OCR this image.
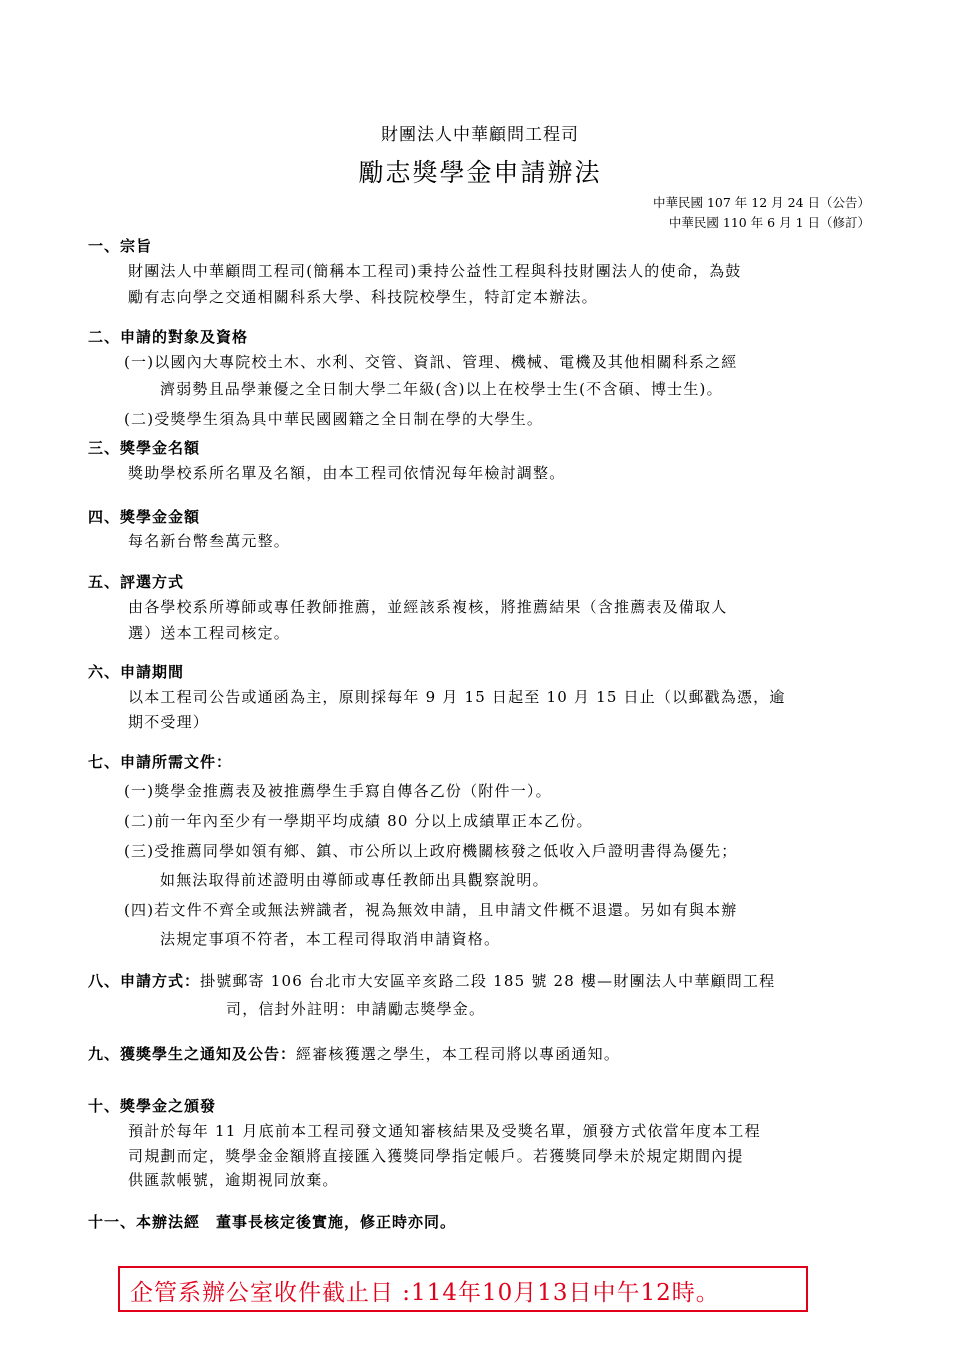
財團法人中華顧問工程司
勵志獎學金申請辦法
中華民國 107 年 12 月 24 日（公告）
中華民國 110 年 6 月 1 日（修訂）
一、宗旨
財團法人中華顧問工程司(簡稱本工程司)秉持公益性工程與科技財團法人的使命，為鼓
勵有志向學之交通相關科系大學、科技院校學生，特訂定本辦法。
二、申請的對象及資格
(一)以國內大專院校土木、水利、交管、資訊、管理、機械、電機及其他相關科系之經
濟弱勢且品學兼優之全日制大學二年級(含)以上在校學士生(不含碩、博士生)。
(二)受獎學生須為具中華民國國籍之全日制在學的大學生。
三、獎學金名額
獎助學校系所名單及名額，由本工程司依情況每年檢討調整。
四、獎學金金額
每名新台幣叁萬元整。
五、評選方式
由各學校系所導師或專任教師推薦，並經該系複核，將推薦結果（含推薦表及備取人
選）送本工程司核定。
六、申請期間
以本工程司公告或通函為主，原則採每年 9 月 15 日起至 10 月 15 日止（以郵戳為憑，逾
期不受理）
七、申請所需文件：
(一)獎學金推薦表及被推薦學生手寫自傳各乙份（附件一）。
(二)前一年內至少有一學期平均成績 80 分以上成績單正本乙份。
(三)受推薦同學如領有鄉、鎮、市公所以上政府機關核發之低收入戶證明書得為優先；
如無法取得前述證明由導師或專任教師出具觀察說明。
(四)若文件不齊全或無法辨識者，視為無效申請，且申請文件概不退還。另如有與本辦
法規定事項不符者，本工程司得取消申請資格。
八、申請方式：掛號郵寄 106 台北市大安區辛亥路二段 185 號 28 樓—財團法人中華顧問工程
司，信封外註明：申請勵志獎學金。
九、獲獎學生之通知及公告：經審核獲選之學生，本工程司將以專函通知。
十、獎學金之頒發
預計於每年 11 月底前本工程司發文通知審核結果及受獎名單，頒發方式依當年度本工程
司規劃而定，獎學金金額將直接匯入獲獎同學指定帳戶。若獲獎同學未於規定期間內提
供匯款帳號，逾期視同放棄。
十一、本辦法經　董事長核定後實施，修正時亦同。
企管系辦公室收件截止日 :114年10月13日中午12時。
